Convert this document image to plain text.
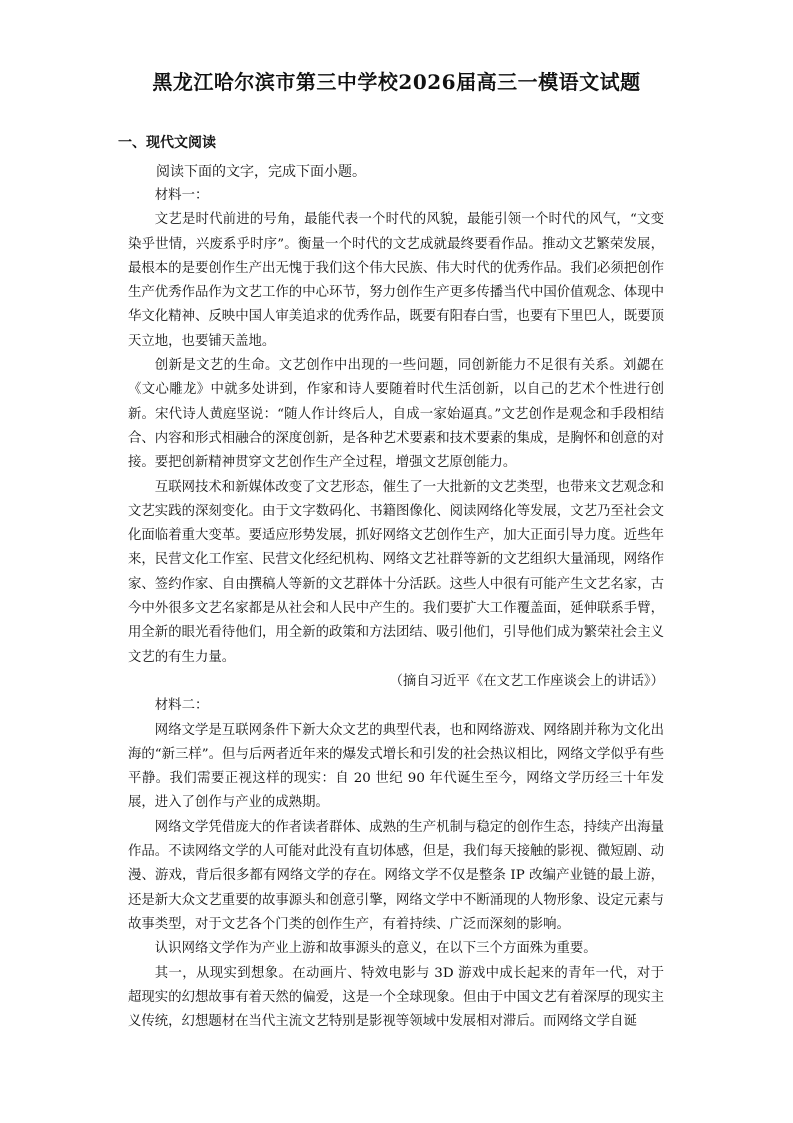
黑龙江哈尔滨市第三中学校2026届高三一模语文试题
一、现代文阅读
阅读下面的文字，完成下面小题。

材料一：

文艺是时代前进的号角，最能代表一个时代的风貌，最能引领一个时代的风气，“文变染乎世情，兴废系乎时序”。衡量一个时代的文艺成就最终要看作品。推动文艺繁荣发展，最根本的是要创作生产出无愧于我们这个伟大民族、伟大时代的优秀作品。我们必须把创作生产优秀作品作为文艺工作的中心环节，努力创作生产更多传播当代中国价值观念、体现中华文化精神、反映中国人审美追求的优秀作品，既要有阳春白雪，也要有下里巴人，既要顶天立地，也要铺天盖地。

创新是文艺的生命。文艺创作中出现的一些问题，同创新能力不足很有关系。刘勰在《文心雕龙》中就多处讲到，作家和诗人要随着时代生活创新，以自己的艺术个性进行创新。宋代诗人黄庭坚说：“随人作计终后人，自成一家始逼真。”文艺创作是观念和手段相结合、内容和形式相融合的深度创新，是各种艺术要素和技术要素的集成，是胸怀和创意的对接。要把创新精神贯穿文艺创作生产全过程，增强文艺原创能力。

互联网技术和新媒体改变了文艺形态，催生了一大批新的文艺类型，也带来文艺观念和文艺实践的深刻变化。由于文字数码化、书籍图像化、阅读网络化等发展，文艺乃至社会文化面临着重大变革。要适应形势发展，抓好网络文艺创作生产，加大正面引导力度。近些年来，民营文化工作室、民营文化经纪机构、网络文艺社群等新的文艺组织大量涌现，网络作家、签约作家、自由撰稿人等新的文艺群体十分活跃。这些人中很有可能产生文艺名家，古今中外很多文艺名家都是从社会和人民中产生的。我们要扩大工作覆盖面，延伸联系手臂，用全新的眼光看待他们，用全新的政策和方法团结、吸引他们，引导他们成为繁荣社会主义文艺的有生力量。

（摘自习近平《在文艺工作座谈会上的讲话》）

材料二：

网络文学是互联网条件下新大众文艺的典型代表，也和网络游戏、网络剧并称为文化出海的“新三样”。但与后两者近年来的爆发式增长和引发的社会热议相比，网络文学似乎有些平静。我们需要正视这样的现实：自 20 世纪 90 年代诞生至今，网络文学历经三十年发展，进入了创作与产业的成熟期。

网络文学凭借庞大的作者读者群体、成熟的生产机制与稳定的创作生态，持续产出海量作品。不读网络文学的人可能对此没有直切体感，但是，我们每天接触的影视、微短剧、动漫、游戏，背后很多都有网络文学的存在。网络文学不仅是整条 IP 改编产业链的最上游，还是新大众文艺重要的故事源头和创意引擎，网络文学中不断涌现的人物形象、设定元素与故事类型，对于文艺各个门类的创作生产，有着持续、广泛而深刻的影响。

认识网络文学作为产业上游和故事源头的意义，在以下三个方面殊为重要。

其一，从现实到想象。在动画片、特效电影与 3D 游戏中成长起来的青年一代，对于超现实的幻想故事有着天然的偏爱，这是一个全球现象。但由于中国文艺有着深厚的现实主义传统，幻想题材在当代主流文艺特别是影视等领域中发展相对滞后。而网络文学自诞
